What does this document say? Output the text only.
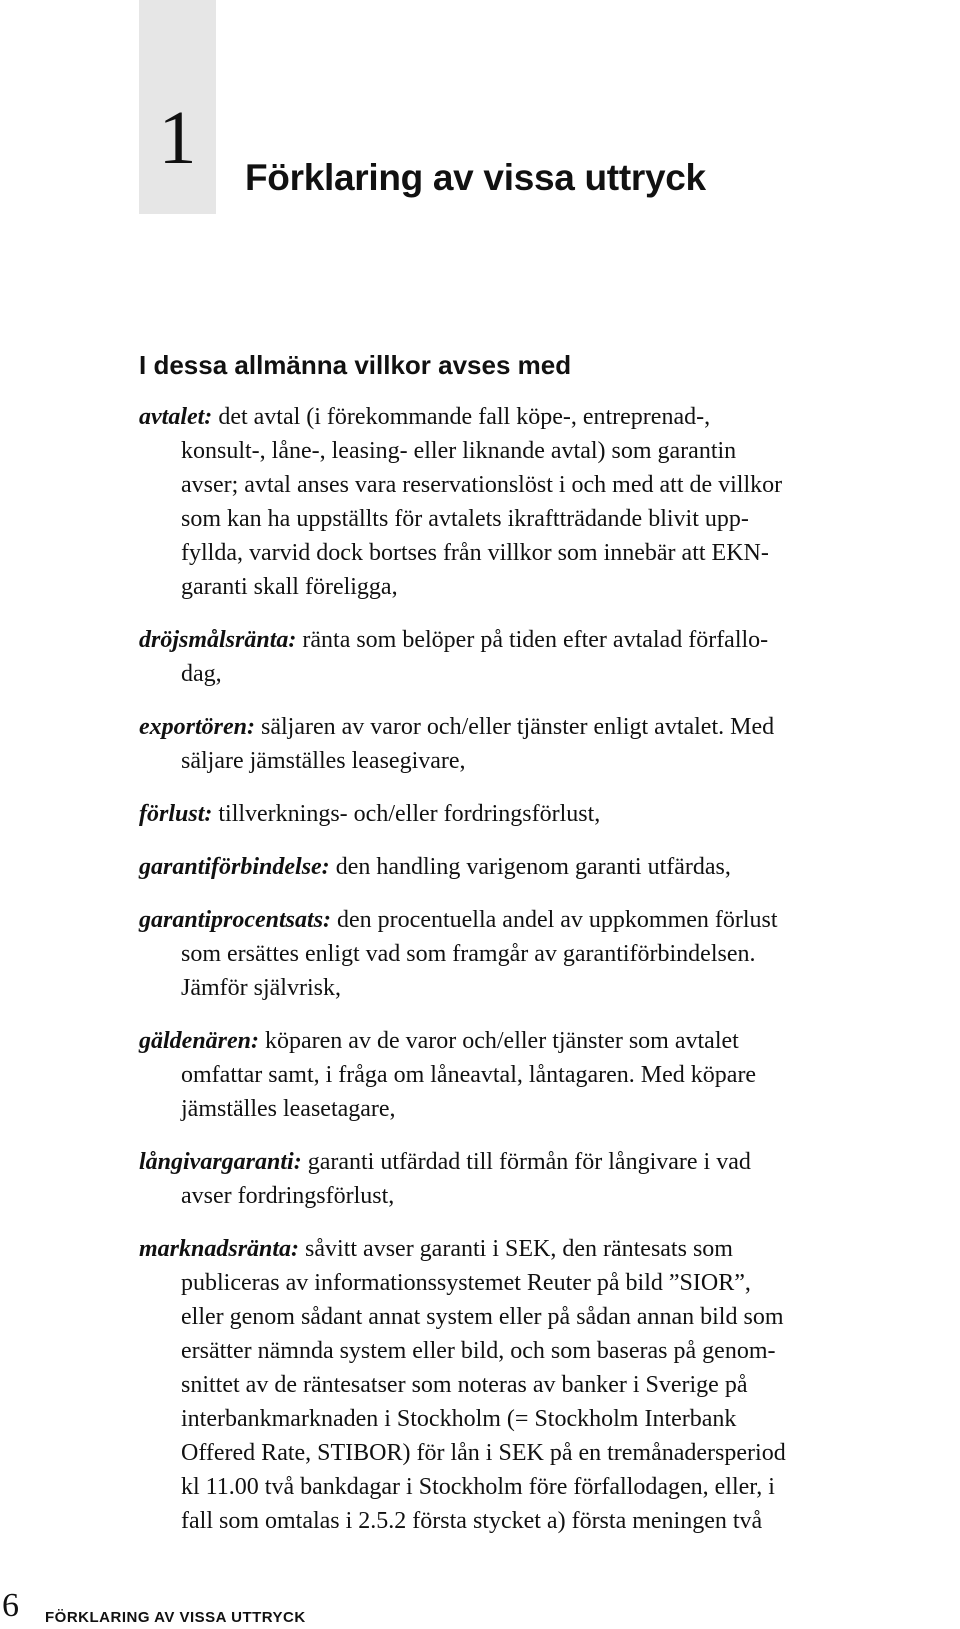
1	Förklaring av vissa uttryck
I dessa allmänna villkor avses med

avtalet: det avtal (i förekommande fall köpe-, entreprenad-,
konsult-, låne-, leasing- eller liknande avtal) som garantin
avser; avtal anses vara reservationslöst i och med att de villkor
som kan ha uppställts för avtalets ikraftträdande blivit upp-
fyllda, varvid dock bortses från villkor som innebär att EKN-
garanti skall föreligga,

dröjsmålsränta: ränta som belöper på tiden efter avtalad förfallo-
dag,

exportören: säljaren av varor och/eller tjänster enligt avtalet. Med
säljare jämställes leasegivare,

förlust: tillverknings- och/eller fordringsförlust,

garantiförbindelse: den handling varigenom garanti utfärdas,

garantiprocentsats: den procentuella andel av uppkommen förlust
som ersättes enligt vad som framgår av garantiförbindelsen.
Jämför självrisk,

gäldenären: köparen av de varor och/eller tjänster som avtalet
omfattar samt, i fråga om låneavtal, låntagaren. Med köpare
jämställes leasetagare,

långivargaranti: garanti utfärdad till förmån för långivare i vad
avser fordringsförlust,

marknadsränta: såvitt avser garanti i SEK, den räntesats som
publiceras av informationssystemet Reuter på bild ”SIOR”,
eller genom sådant annat system eller på sådan annan bild som
ersätter nämnda system eller bild, och som baseras på genom-
snittet av de räntesatser som noteras av banker i Sverige på
interbankmarknaden i Stockholm (= Stockholm Interbank
Offered Rate, STIBOR) för lån i SEK på en tremånadersperiod
kl 11.00 två bankdagar i Stockholm före förfallodagen, eller, i
fall som omtalas i 2.5.2 första stycket a) första meningen två

6 FÖRKLARING AV VISSA UTTRYCK
